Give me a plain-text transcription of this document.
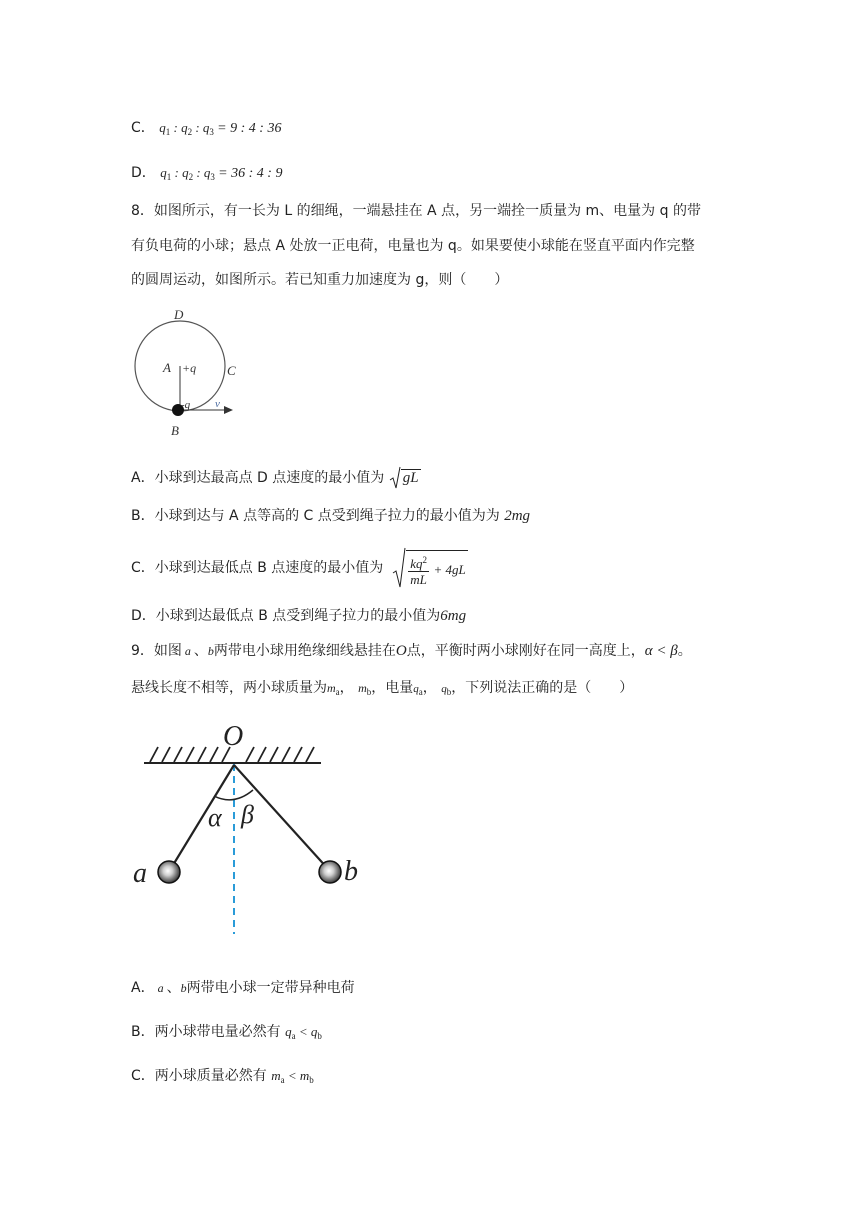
C． $q_1$ : $q_2$ : $q_3 = 9$ : 4 : 36
D． $q_1$ : $q_2$ : $q_3 = 36$ : 4 : 9
8．如图所示，有一长为 L 的细绳，一端悬挂在 A 点，另一端拴一质量为 m、电量为 q 的带
有负电荷的小球；悬点 A 处放一正电荷，电量也为 q。如果要使小球能在竖直平面内作完整
的圆周运动，如图所示。若已知重力加速度为 g，则（　　）
D
A +q C
-q
B
v
A．小球到达最高点 D 点速度的最小值为 gL
B．小球到达与 A 点等高的 C 点受到绳子拉力的最小值为为 2mg
C．小球到达最低点 B 点速度的最小值为 $\frac{kq^2}{mL} + 4gL$
D．小球到达最低点 B 点受到绳子拉力的最小值为6mg
9．如图 a 、b两带电小球用绝缘细线悬挂在O点，平衡时两小球刚好在同一高度上，α < β。
悬线长度不相等，两小球质量为$m_a$， $m_b$，电量$q_a$， $q_b$，下列说法正确的是（　　）
O
α β
a	b
A． a 、b两带电小球一定带异种电荷
B．两小球带电量必然有 $q_a < q_b$
C．两小球质量必然有 $m_a < m_b$
